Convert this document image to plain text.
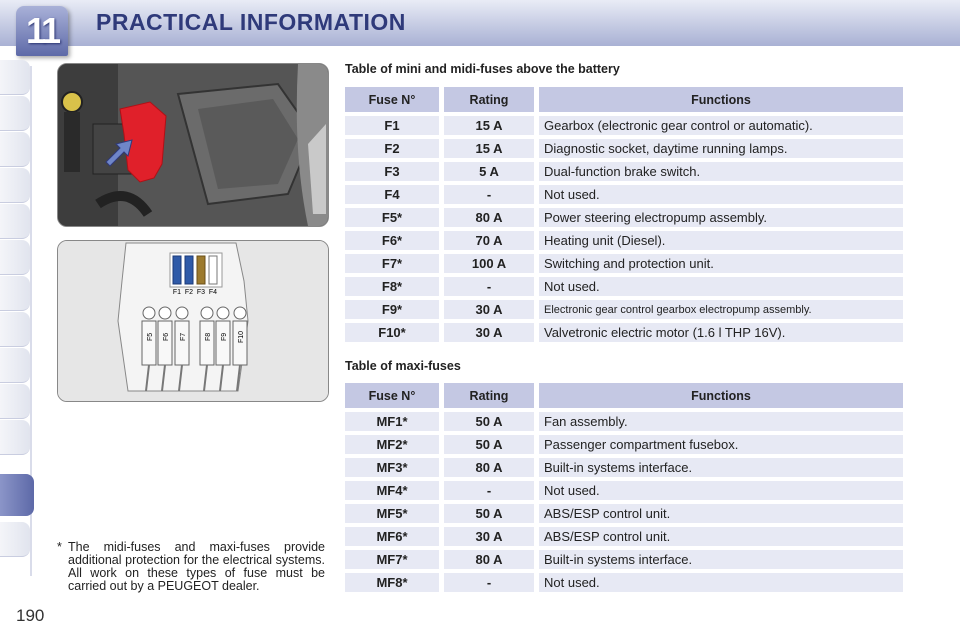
11 PRACTICAL INFORMATION
190
F1 F2 F3 F4
F5 F6 F7	F8 F9 F10
* The midi-fuses and maxi-fuses provide additional protection for the electrical systems. All work on these types of fuse must be carried out by a PEUGEOT dealer.
Table of mini and midi-fuses above the battery
Fuse N°	Rating	Functions
F1	15 A	Gearbox (electronic gear control or automatic).
F2	15 A	Diagnostic socket, daytime running lamps.
F3	5 A	Dual-function brake switch.
F4	-	Not used.
F5*	80 A	Power steering electropump assembly.
F6*	70 A	Heating unit (Diesel).
F7*	100 A	Switching and protection unit.
F8*	-	Not used.
F9*	30 A	Electronic gear control gearbox electropump assembly.
F10*	30 A	Valvetronic electric motor (1.6 l THP 16V).
Table of maxi-fuses
Fuse N°	Rating	Functions
MF1*	50 A	Fan assembly.
MF2*	50 A	Passenger compartment fusebox.
MF3*	80 A	Built-in systems interface.
MF4*	-	Not used.
MF5*	50 A	ABS/ESP control unit.
MF6*	30 A	ABS/ESP control unit.
MF7*	80 A	Built-in systems interface.
MF8*	-	Not used.
